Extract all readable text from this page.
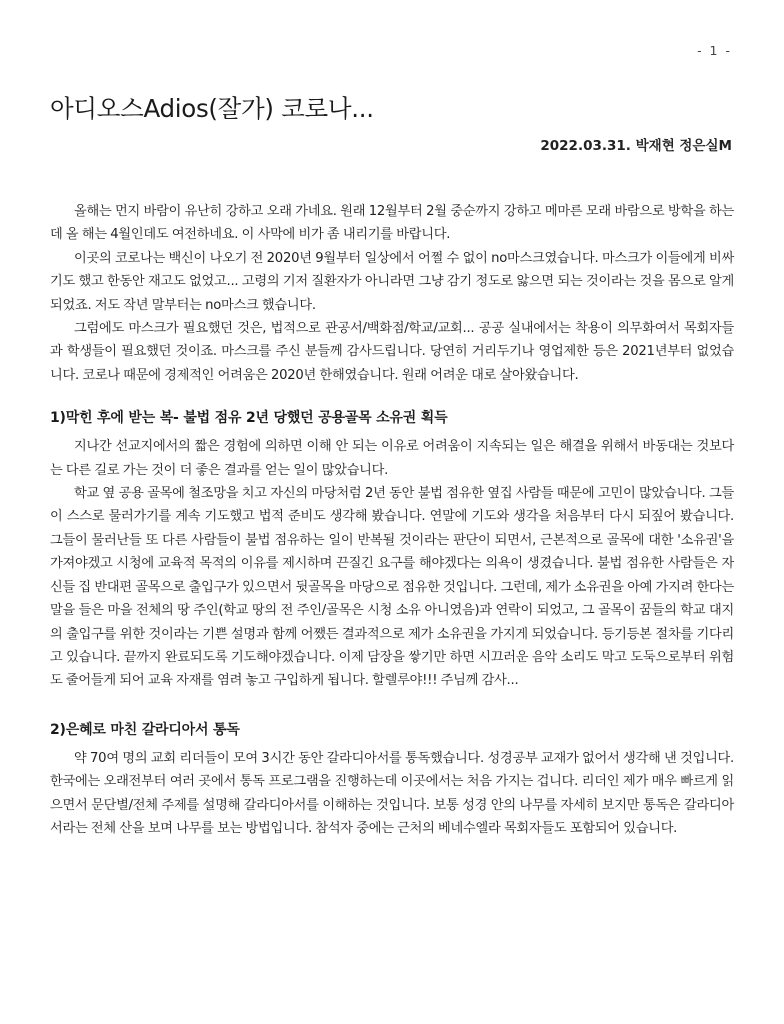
- 1 -
아디오스Adios(잘가) 코로나...
2022.03.31. 박재현 정은실M

올해는 먼지 바람이 유난히 강하고 오래 가네요. 원래 12월부터 2월 중순까지 강하고 메마른 모래 바람으로 방학을 하는데 올 해는 4월인데도 여전하네요. 이 사막에 비가 좀 내리기를 바랍니다.

이곳의 코로나는 백신이 나오기 전 2020년 9월부터 일상에서 어쩔 수 없이 no마스크였습니다. 마스크가 이들에게 비싸기도 했고 한동안 재고도 없었고... 고령의 기저 질환자가 아니라면 그냥 감기 정도로 앓으면 되는 것이라는 것을 몸으로 알게 되었죠. 저도 작년 말부터는 no마스크 했습니다.

그럼에도 마스크가 필요했던 것은, 법적으로 관공서/백화점/학교/교회... 공공 실내에서는 착용이 의무화여서 목회자들과 학생들이 필요했던 것이죠. 마스크를 주신 분들께 감사드립니다. 당연히 거리두기나 영업제한 등은 2021년부터 없었습니다. 코로나 때문에 경제적인 어려움은 2020년 한해였습니다. 원래 어려운 대로 살아왔습니다.

1)막힌 후에 받는 복- 불법 점유 2년 당했던 공용골목 소유권 획득

지나간 선교지에서의 짧은 경험에 의하면 이해 안 되는 이유로 어려움이 지속되는 일은 해결을 위해서 바동대는 것보다는 다른 길로 가는 것이 더 좋은 결과를 얻는 일이 많았습니다.

학교 옆 공용 골목에 철조망을 치고 자신의 마당처럼 2년 동안 불법 점유한 옆집 사람들 때문에 고민이 많았습니다. 그들이 스스로 물러가기를 계속 기도했고 법적 준비도 생각해 봤습니다. 연말에 기도와 생각을 처음부터 다시 되짚어 봤습니다. 그들이 물러난들 또 다른 사람들이 불법 점유하는 일이 반복될 것이라는 판단이 되면서, 근본적으로 골목에 대한 '소유권'을 가져야겠고 시청에 교육적 목적의 이유를 제시하며 끈질긴 요구를 해야겠다는 의욕이 생겼습니다. 불법 점유한 사람들은 자신들 집 반대편 골목으로 출입구가 있으면서 뒷골목을 마당으로 점유한 것입니다. 그런데, 제가 소유권을 아예 가지려 한다는 말을 들은 마을 전체의 땅 주인(학교 땅의 전 주인/골목은 시청 소유 아니였음)과 연락이 되었고, 그 골목이 꿈들의 학교 대지의 출입구를 위한 것이라는 기쁜 설명과 함께 어쨌든 결과적으로 제가 소유권을 가지게 되었습니다. 등기등본 절차를 기다리고 있습니다. 끝까지 완료되도록 기도해야겠습니다. 이제 담장을 쌓기만 하면 시끄러운 음악 소리도 막고 도둑으로부터 위험도 줄어들게 되어 교육 자재를 염려 놓고 구입하게 됩니다. 할렐루야!!! 주님께 감사...

2)은혜로 마친 갈라디아서 통독

약 70여 명의 교회 리더들이 모여 3시간 동안 갈라디아서를 통독했습니다. 성경공부 교재가 없어서 생각해 낸 것입니다. 한국에는 오래전부터 여러 곳에서 통독 프로그램을 진행하는데 이곳에서는 처음 가지는 겁니다. 리더인 제가 매우 빠르게 읽으면서 문단별/전체 주제를 설명해 갈라디아서를 이해하는 것입니다. 보통 성경 안의 나무를 자세히 보지만 통독은 갈라디아서라는 전체 산을 보며 나무를 보는 방법입니다. 참석자 중에는 근처의 베네수엘라 목회자들도 포함되어 있습니다.
